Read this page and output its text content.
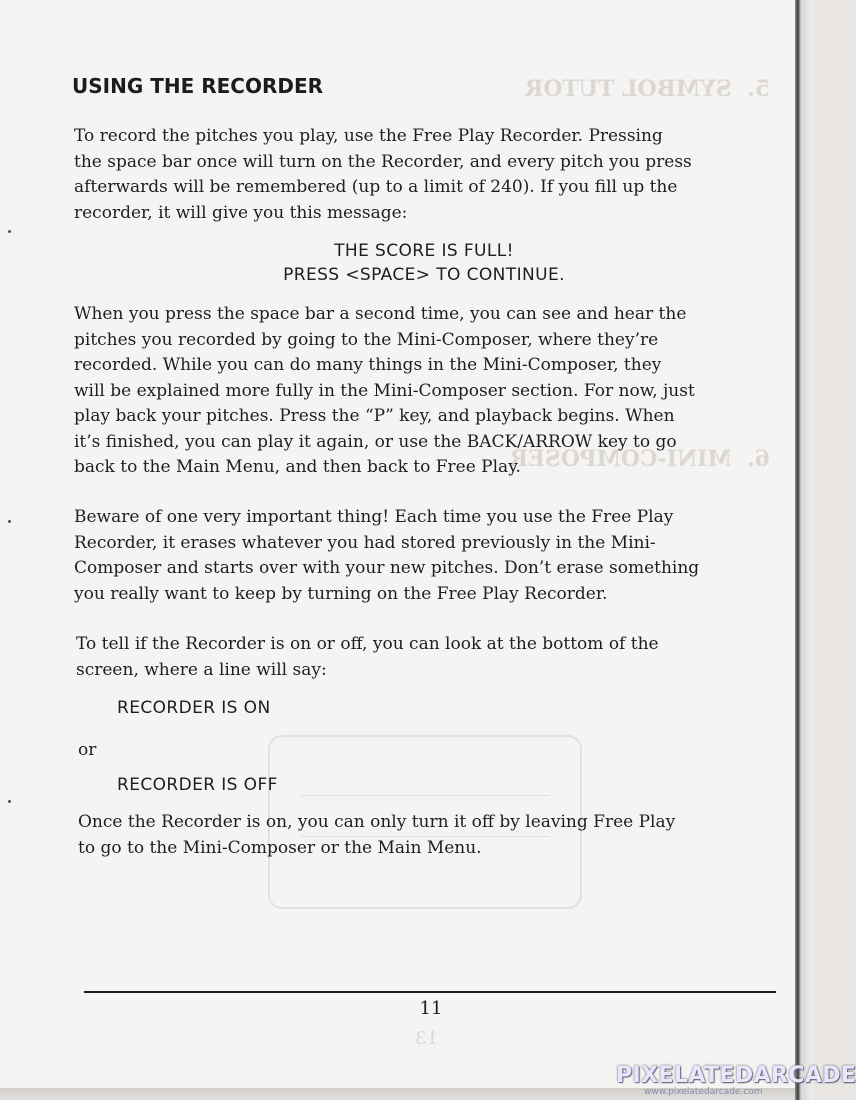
5.  SYMBOL TUTOR
6.  MINI-COMPOSER
13
USING THE RECORDER

To record the pitches you play, use the Free Play Recorder. Pressing

the space bar once will turn on the Recorder, and every pitch you press

afterwards will be remembered (up to a limit of 240). If you fill up the

recorder, it will give you this message:

THE SCORE IS FULL!
PRESS <SPACE> TO CONTINUE.

When you press the space bar a second time, you can see and hear the

pitches you recorded by going to the Mini-Composer, where they’re

recorded. While you can do many things in the Mini-Composer, they

will be explained more fully in the Mini-Composer section. For now, just

play back your pitches. Press the “P” key, and playback begins. When

it’s finished, you can play it again, or use the BACK/ARROW key to go

back to the Main Menu, and then back to Free Play.

Beware of one very important thing! Each time you use the Free Play

Recorder, it erases whatever you had stored previously in the Mini-

Composer and starts over with your new pitches. Don’t erase something

you really want to keep by turning on the Free Play Recorder.

To tell if the Recorder is on or off, you can look at the bottom of the

screen, where a line will say:

RECORDER IS ON

or

RECORDER IS OFF

Once the Recorder is on, you can only turn it off by leaving Free Play

to go to the Mini-Composer or the Main Menu.

11
PIXELATEDARCADE
www.pixelatedarcade.com
